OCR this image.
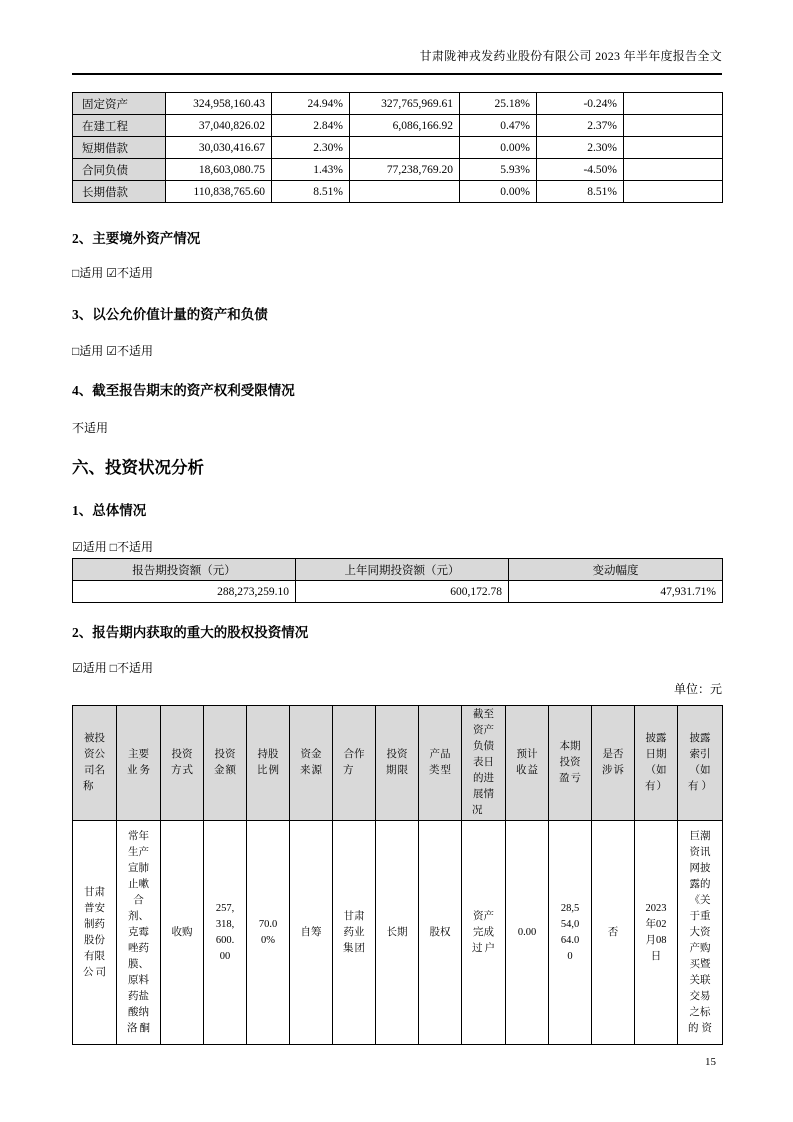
甘肃陇神戎发药业股份有限公司 2023 年半年度报告全文
固定资产	324,958,160.43	24.94%	327,765,969.61	25.18%	-0.24%	
在建工程	37,040,826.02	2.84%	6,086,166.92	0.47%	2.37%	
短期借款	30,030,416.67	2.30%		0.00%	2.30%	
合同负债	18,603,080.75	1.43%	77,238,769.20	5.93%	-4.50%	
长期借款	110,838,765.60	8.51%		0.00%	8.51%	
2、主要境外资产情况

□适用 ☑不适用

3、以公允价值计量的资产和负债

□适用 ☑不适用

4、截至报告期末的资产权利受限情况

不适用

六、投资状况分析
1、总体情况

☑适用 □不适用

报告期投资额（元）	上年同期投资额（元）	变动幅度
288,273,259.10	600,172.78	47,931.71%
2、报告期内获取的重大的股权投资情况

☑适用 □不适用

单位：元
被投资公司名称	主要业务	投资方式	投资金额	持股比例	资金来源	合作方	投资期限	产品类型	截至资产负债表日的进展情况	预计收益	本期投资盈亏	是否涉诉	披露日期（如有）	披露索引（如有）
甘肃普安制药股份有限公司	常年生产宣肺止嗽合剂、克霉唑药膜、原料药盐酸纳洛酮	收购	257,318,600.00	70.00%	自筹	甘肃药业集团	长期	股权	资产完成过户	0.00	28,554,064.00	否	2023年02月08日	巨潮资讯网披露的《关于重大资产购买暨关联交易之标的资
15
